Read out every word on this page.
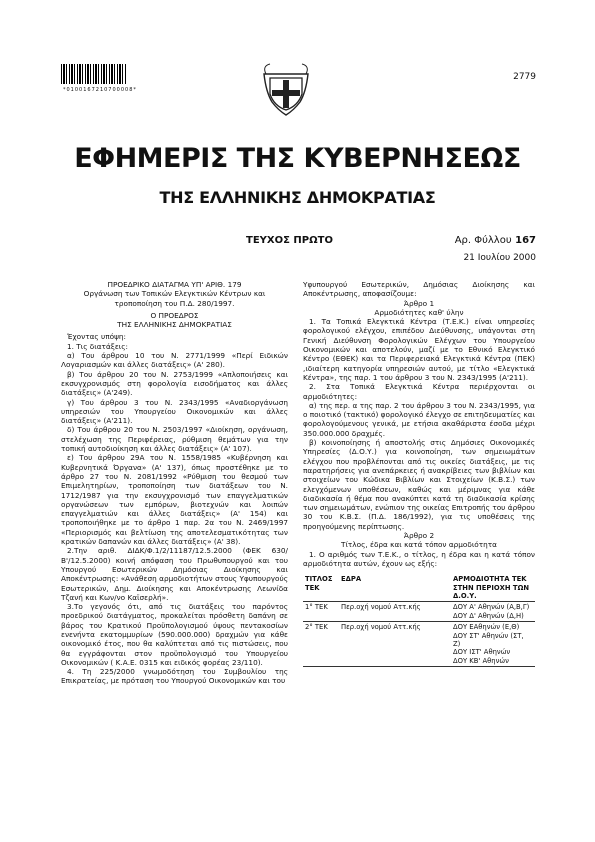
*0100167210700008*
2779
ΕΦΗΜΕΡΙΣ ΤΗΣ ΚΥΒΕΡΝΗΣΕΩΣ
ΤΗΣ ΕΛΛΗΝΙΚΗΣ ΔΗΜΟΚΡΑΤΙΑΣ
ΤΕΥΧΟΣ ΠΡΩΤΟ	Αρ. Φύλλου 167
21 Ιουλίου 2000

ΠΡΟΕΔΡΙΚΟ ΔΙΑΤΑΓΜΑ ΥΠ' ΑΡΙΘ. 179

Οργάνωση των Τοπικών Ελεγκτικών Κέντρων και τροποποίηση του Π.Δ. 280/1997.

Ο ΠΡΟΕΔΡΟΣ

ΤΗΣ ΕΛΛΗΝΙΚΗΣ ΔΗΜΟΚΡΑΤΙΑΣ

Έχοντας υπόψη:

1. Τις διατάξεις:

α) Του άρθρου 10 του Ν. 2771/1999 «Περί Ειδικών Λογαριασμών και άλλες διατάξεις» (Α' 280).

β) Του άρθρου 20 του Ν. 2753/1999 «Απλοποιήσεις και εκσυγχρονισμός στη φορολογία εισοδήματος και άλλες διατάξεις» (Α'249).

γ) Του άρθρου 3 του Ν. 2343/1995 «Αναδιοργάνωση υπηρεσιών του Υπουργείου Οικονομικών και άλλες διατάξεις» (Α'211).

δ) Του άρθρου 20 του Ν. 2503/1997 «Διοίκηση, οργάνωση, στελέχωση της Περιφέρειας, ρύθμιση θεμάτων για την τοπική αυτοδιοίκηση και άλλες διατάξεις» (Α' 107).

ε) Του άρθρου 29Α του Ν. 1558/1985 «Κυβέρνηση και Κυβερνητικά Όργανα» (Α' 137), όπως προστέθηκε με το άρθρο 27 του Ν. 2081/1992 «Ρύθμιση του θεσμού των Επιμελητηρίων, τροποποίηση των διατάξεων του Ν. 1712/1987 για την εκσυγχρονισμό των επαγγελματικών οργανώσεων των εμπόρων, βιοτεχνών και λοιπών επαγγελματιών και άλλες διατάξεις» (Α' 154) και τροποποιήθηκε με το άρθρο 1 παρ. 2α του Ν. 2469/1997 «Περιορισμός και βελτίωση της αποτελεσματικότητας των κρατικών δαπανών και άλλες διατάξεις» (Α' 38).

2.Την αριθ. ΔΙΔΚ/Φ.1/2/11187/12.5.2000 (ΦΕΚ 630/Β'/12.5.2000) κοινή απόφαση του Πρωθυπουργού και του Υπουργού Εσωτερικών Δημόσιας Διοίκησης και Αποκέντρωσης: «Ανάθεση αρμοδιοτήτων στους Υφυπουργούς Εσωτερικών, Δημ. Διοίκησης και Αποκέντρωσης Λεωνίδα Τζανή και Κων/νο Καϊσερλή».

3.Το γεγονός ότι, από τις διατάξεις του παρόντος προεδρικού διατάγματος, προκαλείται πρόσθετη δαπάνη σε βάρος του Κρατικού Προϋπολογισμού ύψους πεντακοσίων ενενήντα εκατομμυρίων (590.000.000) δραχμών για κάθε οικονομικό έτος, που θα καλύπτεται από τις πιστώσεις, που θα εγγράφονται στον προϋπολογισμό του Υπουργείου Οικονομικών ( Κ.Α.Ε. 0315 και ειδικός φορέας 23/110).

4. Τη 225/2000 γνωμοδότηση του Συμβουλίου της Επικρατείας, με πρόταση του Υπουργού Οικονομικών και του

Υφυπουργού Εσωτερικών, Δημόσιας Διοίκησης και Αποκέντρωσης, αποφασίζουμε:

Άρθρο 1

Αρμοδιότητες καθ' ύλην

1. Τα Τοπικά Ελεγκτικά Κέντρα (Τ.Ε.Κ.) είναι υπηρεσίες φορολογικού ελέγχου, επιπέδου Διεύθυνσης, υπάγονται στη Γενική Διεύθυνση Φορολογικών Ελέγχων του Υπουργείου Οικονομικών και αποτελούν, μαζί με το Εθνικό Ελεγκτικό Κέντρο (ΕΘΕΚ) και τα Περιφερειακά Ελεγκτικά Κέντρα (ΠΕΚ) ,ιδιαίτερη κατηγορία υπηρεσιών αυτού, με τίτλο «Ελεγκτικά Κέντρα», της παρ. 1 του άρθρου 3 του Ν. 2343/1995 (Α'211).

2. Στα Τοπικά Ελεγκτικά Κέντρα περιέρχονται οι αρμοδιότητες:

α) της περ. α της παρ. 2 του άρθρου 3 του Ν. 2343/1995, για ο ποιοτικό (τακτικό) φορολογικό έλεγχο σε επιτηδευματίες και φορολογούμενους γενικά, με ετήσια ακαθάριστα έσοδα μέχρι 350.000.000 δραχμές.

β) κοινοποίησης ή αποστολής στις Δημόσιες Οικονομικές Υπηρεσίες (Δ.Ο.Υ.) για κοινοποίηση, των σημειωμάτων ελέγχου που προβλέπονται από τις οικείες διατάξεις, με τις παρατηρήσεις για ανεπάρκειες ή ανακρίβειες των βιβλίων και στοιχείων του Κώδικα Βιβλίων και Στοιχείων (Κ.Β.Σ.) των ελεγχόμενων υποθέσεων, καθώς και μέριμνας για κάθε διαδικασία ή θέμα που ανακύπτει κατά τη διαδικασία κρίσης των σημειωμάτων, ενώπιον της οικείας Επιτροπής του άρθρου 30 του Κ.Β.Σ. (Π.Δ. 186/1992), για τις υποθέσεις της προηγούμενης περίπτωσης.

Άρθρο 2

Τίτλος, έδρα και κατά τόπον αρμοδιότητα

1. Ο αριθμός των Τ.Ε.Κ., ο τίτλος, η έδρα και η κατά τόπον αρμοδιότητα αυτών, έχουν ως εξής:

ΤΙΤΛΟΣ ΤΕΚ	ΕΔΡΑ	ΑΡΜΟΔΙΟΤΗΤΑ ΤΕΚ ΣΤΗΝ ΠΕΡΙΟΧΗ ΤΩΝ Δ.Ο.Υ.
1° ΤΕΚ	Περ.οχή νομού Αττ.κής	ΔΟΥ Α' Αθηνών (Α,Β,Γ)
ΔΟΥ Δ' Αθηνών (Δ,Η)
2° ΤΕΚ	Περ.οχή νομού Αττ.κής	ΔΟΥ ΕΑθηνών (Ε,Θ)
ΔΟΥ ΣΤ' Αθηνών (ΣΤ, Ζ)
ΔΟΥ ΙΣΤ' Αθηνών
ΔΟΥ ΚΒ' Αθηνών
